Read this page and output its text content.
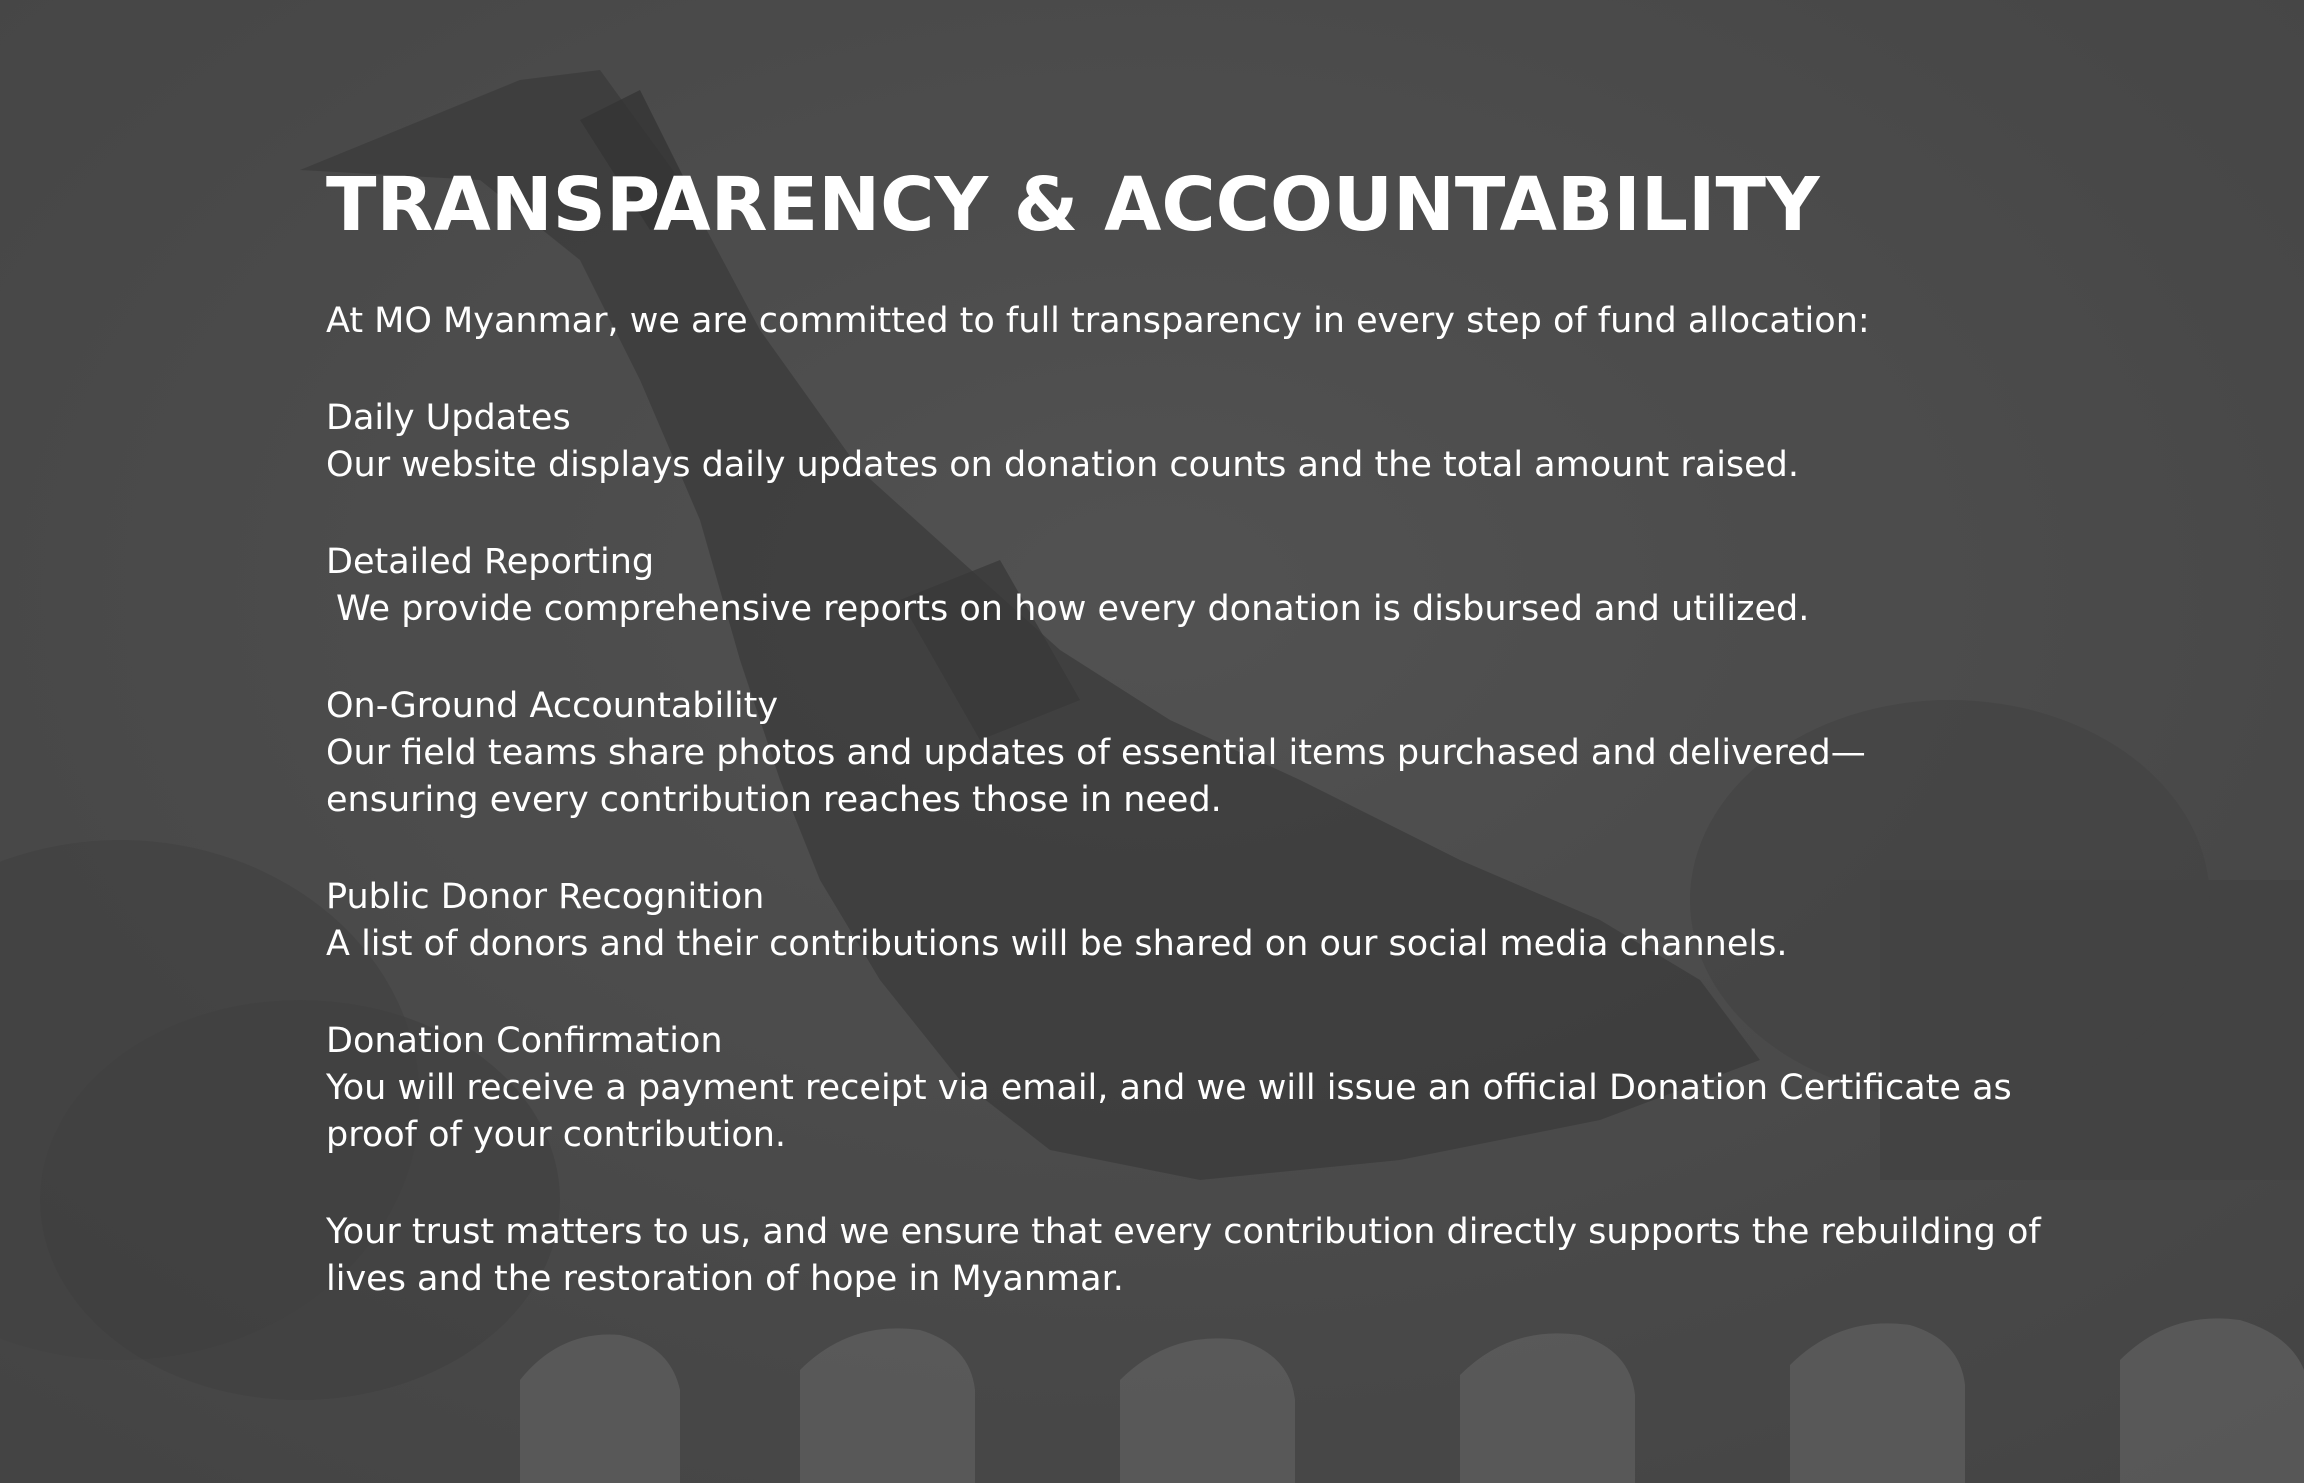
TRANSPARENCY & ACCOUNTABILITY

At MO Myanmar, we are committed to full transparency in every step of fund allocation:

Daily Updates
Our website displays daily updates on donation counts and the total amount raised.
Detailed Reporting
We provide comprehensive reports on how every donation is disbursed and utilized.
On-Ground Accountability
Our field teams share photos and updates of essential items purchased and delivered— ensuring every contribution reaches those in need.
Public Donor Recognition
A list of donors and their contributions will be shared on our social media channels.
Donation Confirmation
You will receive a payment receipt via email, and we will issue an official Donation Certificate as proof of your contribution.

Your trust matters to us, and we ensure that every contribution directly supports the rebuilding of lives and the restoration of hope in Myanmar.
